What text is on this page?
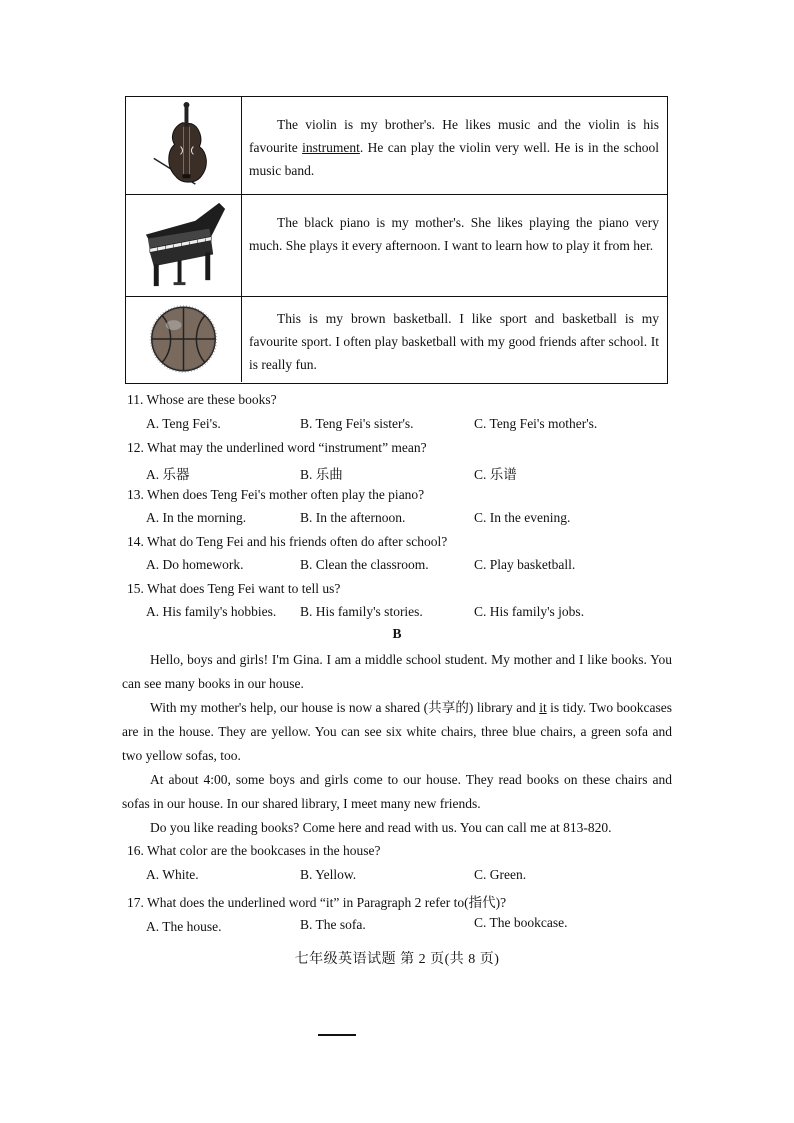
The violin is my brother's. He likes music and the violin is his favourite instrument. He can play the violin very well. He is in the school music band.
The black piano is my mother's. She likes playing the piano very much. She plays it every afternoon. I want to learn how to play it from her.
This is my brown basketball. I like sport and basketball is my favourite sport. I often play basketball with my good friends after school. It is really fun.
11. Whose are these books?
A. Teng Fei's.	B. Teng Fei's sister's.	C. Teng Fei's mother's.
12. What may the underlined word “instrument” mean?
A. 乐器	B. 乐曲	C. 乐谱
13. When does Teng Fei's mother often play the piano?
A. In the morning.	B. In the afternoon.	C. In the evening.
14. What do Teng Fei and his friends often do after school?
A. Do homework.	B. Clean the classroom.	C. Play basketball.
15. What does Teng Fei want to tell us?
A. His family's hobbies. B. His family's stories.	C. His family's jobs.
B
Hello, boys and girls! I'm Gina. I am a middle school student. My mother and I like books. You can see many books in our house.
With my mother's help, our house is now a shared (共享的) library and it is tidy. Two bookcases are in the house. They are yellow. You can see six white chairs, three blue chairs, a green sofa and two yellow sofas, too.
At about 4:00, some boys and girls come to our house. They read books on these chairs and sofas in our house. In our shared library, I meet many new friends.
Do you like reading books? Come here and read with us. You can call me at 813-820.
16. What color are the bookcases in the house?
A. White.	B. Yellow.	C. Green.
17. What does the underlined word “it” in Paragraph 2 refer to(指代)?
A. The house.	B. The sofa.	C. The bookcase.
七年级英语试题 第 2 页(共 8 页)
